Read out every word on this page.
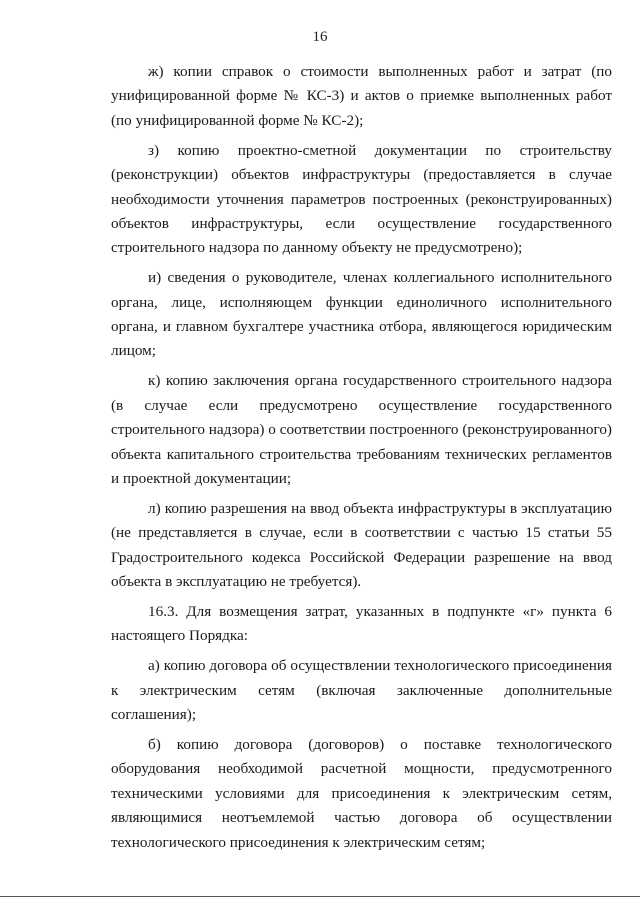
16

ж) копии справок о стоимости выполненных работ и затрат (по унифицированной форме № КС-3) и актов о приемке выполненных работ (по унифицированной форме № КС-2);

з) копию проектно-сметной документации по строительству (реконструкции) объектов инфраструктуры (предоставляется в случае необходимости уточнения параметров построенных (реконструированных) объектов инфраструктуры, если осуществление государственного строительного надзора по данному объекту не предусмотрено);

и) сведения о руководителе, членах коллегиального исполнительного органа, лице, исполняющем функции единоличного исполнительного органа, и главном бухгалтере участника отбора, являющегося юридическим лицом;

к) копию заключения органа государственного строительного надзора (в случае если предусмотрено осуществление государственного строительного надзора) о соответствии построенного (реконструированного) объекта капитального строительства требованиям технических регламентов и проектной документации;

л) копию разрешения на ввод объекта инфраструктуры в эксплуатацию (не представляется в случае, если в соответствии с частью 15 статьи 55 Градостроительного кодекса Российской Федерации разрешение на ввод объекта в эксплуатацию не требуется).

16.3. Для возмещения затрат, указанных в подпункте «г» пункта 6 настоящего Порядка:

а) копию договора об осуществлении технологического присоединения к электрическим сетям (включая заключенные дополнительные соглашения);

б) копию договора (договоров) о поставке технологического оборудования необходимой расчетной мощности, предусмотренного техническими условиями для присоединения к электрическим сетям, являющимися неотъемлемой частью договора об осуществлении технологического присоединения к электрическим сетям;
